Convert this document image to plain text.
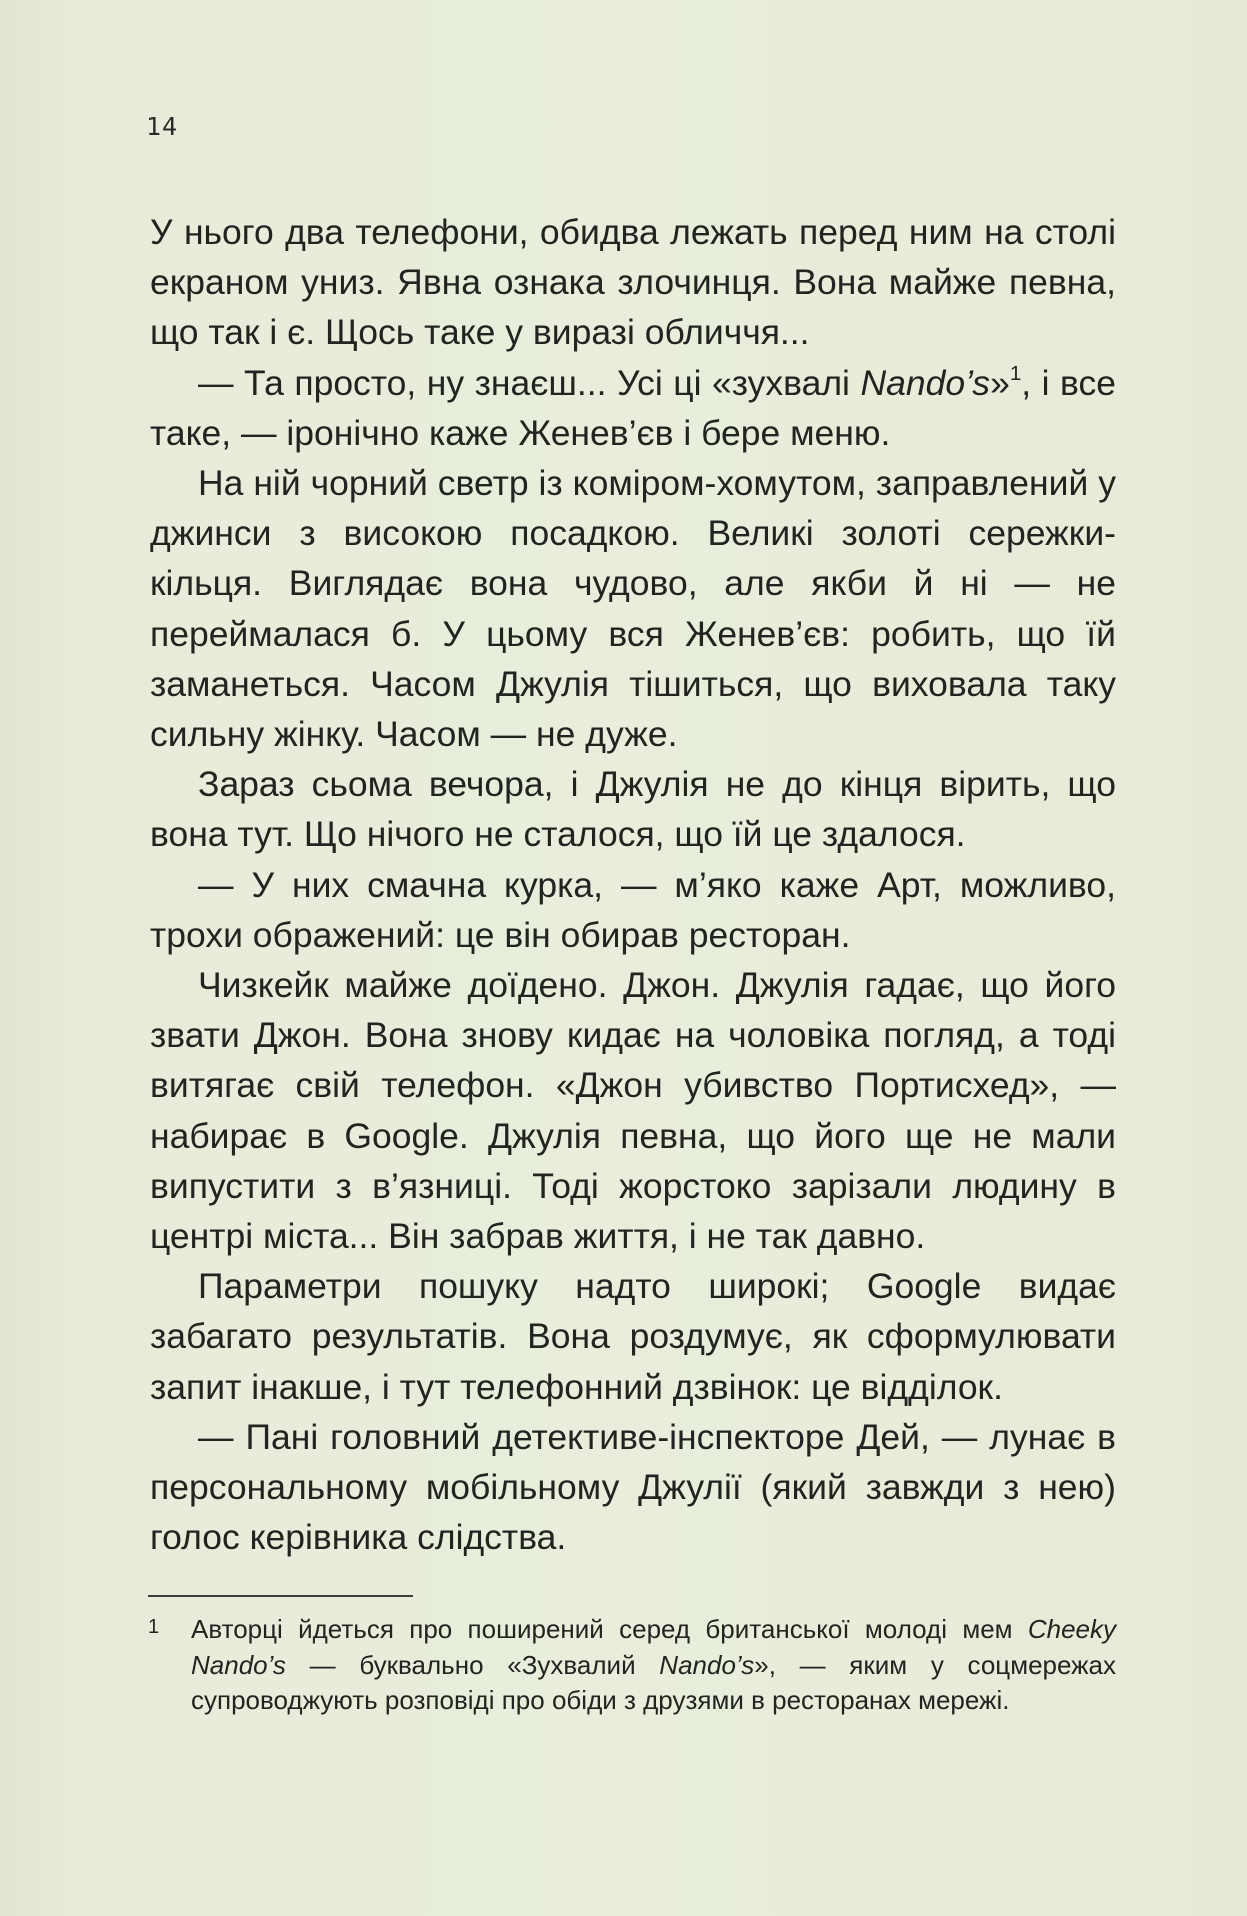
14

У нього два телефони, обидва лежать перед ним на столі екраном униз. Явна ознака злочинця. Вона майже певна, що так і є. Щось таке у виразі обличчя...

— Та просто, ну знаєш... Усі ці «зухвалі Nando’s»$^1$, і все таке, — іронічно каже Женев’єв і бере меню.

На ній чорний светр із коміром-хомутом, заправлений у джинси з високою посадкою. Великі золоті сережки-кільця. Виглядає вона чудово, але якби й ні — не переймалася б. У цьому вся Женев’єв: робить, що їй заманеться. Часом Джулія тішиться, що виховала таку сильну жінку. Часом — не дуже.

Зараз сьома вечора, і Джулія не до кінця вірить, що вона тут. Що нічого не сталося, що їй це здалося.

— У них смачна курка, — м’яко каже Арт, можливо, трохи ображений: це він обирав ресторан.

Чизкейк майже доїдено. Джон. Джулія гадає, що його звати Джон. Вона знову кидає на чоловіка погляд, а тоді витягає свій телефон. «Джон убивство Портисхед», — набирає в Google. Джулія певна, що його ще не мали випустити з в’язниці. Тоді жорстоко зарізали людину в центрі міста... Він забрав життя, і не так давно.

Параметри пошуку надто широкі; Google видає забагато результатів. Вона роздумує, як сформулювати запит інакше, і тут телефонний дзвінок: це відділок.

— Пані головний детективе-інспекторе Дей, — лунає в персональному мобільному Джулії (який завжди з нею) голос керівника слідства.

1 Авторці йдеться про поширений серед британської молоді мем Cheeky Nando’s — буквально «Зухвалий Nando’s», — яким у соцмережах супроводжують розповіді про обіди з друзями в ресторанах мережі.
